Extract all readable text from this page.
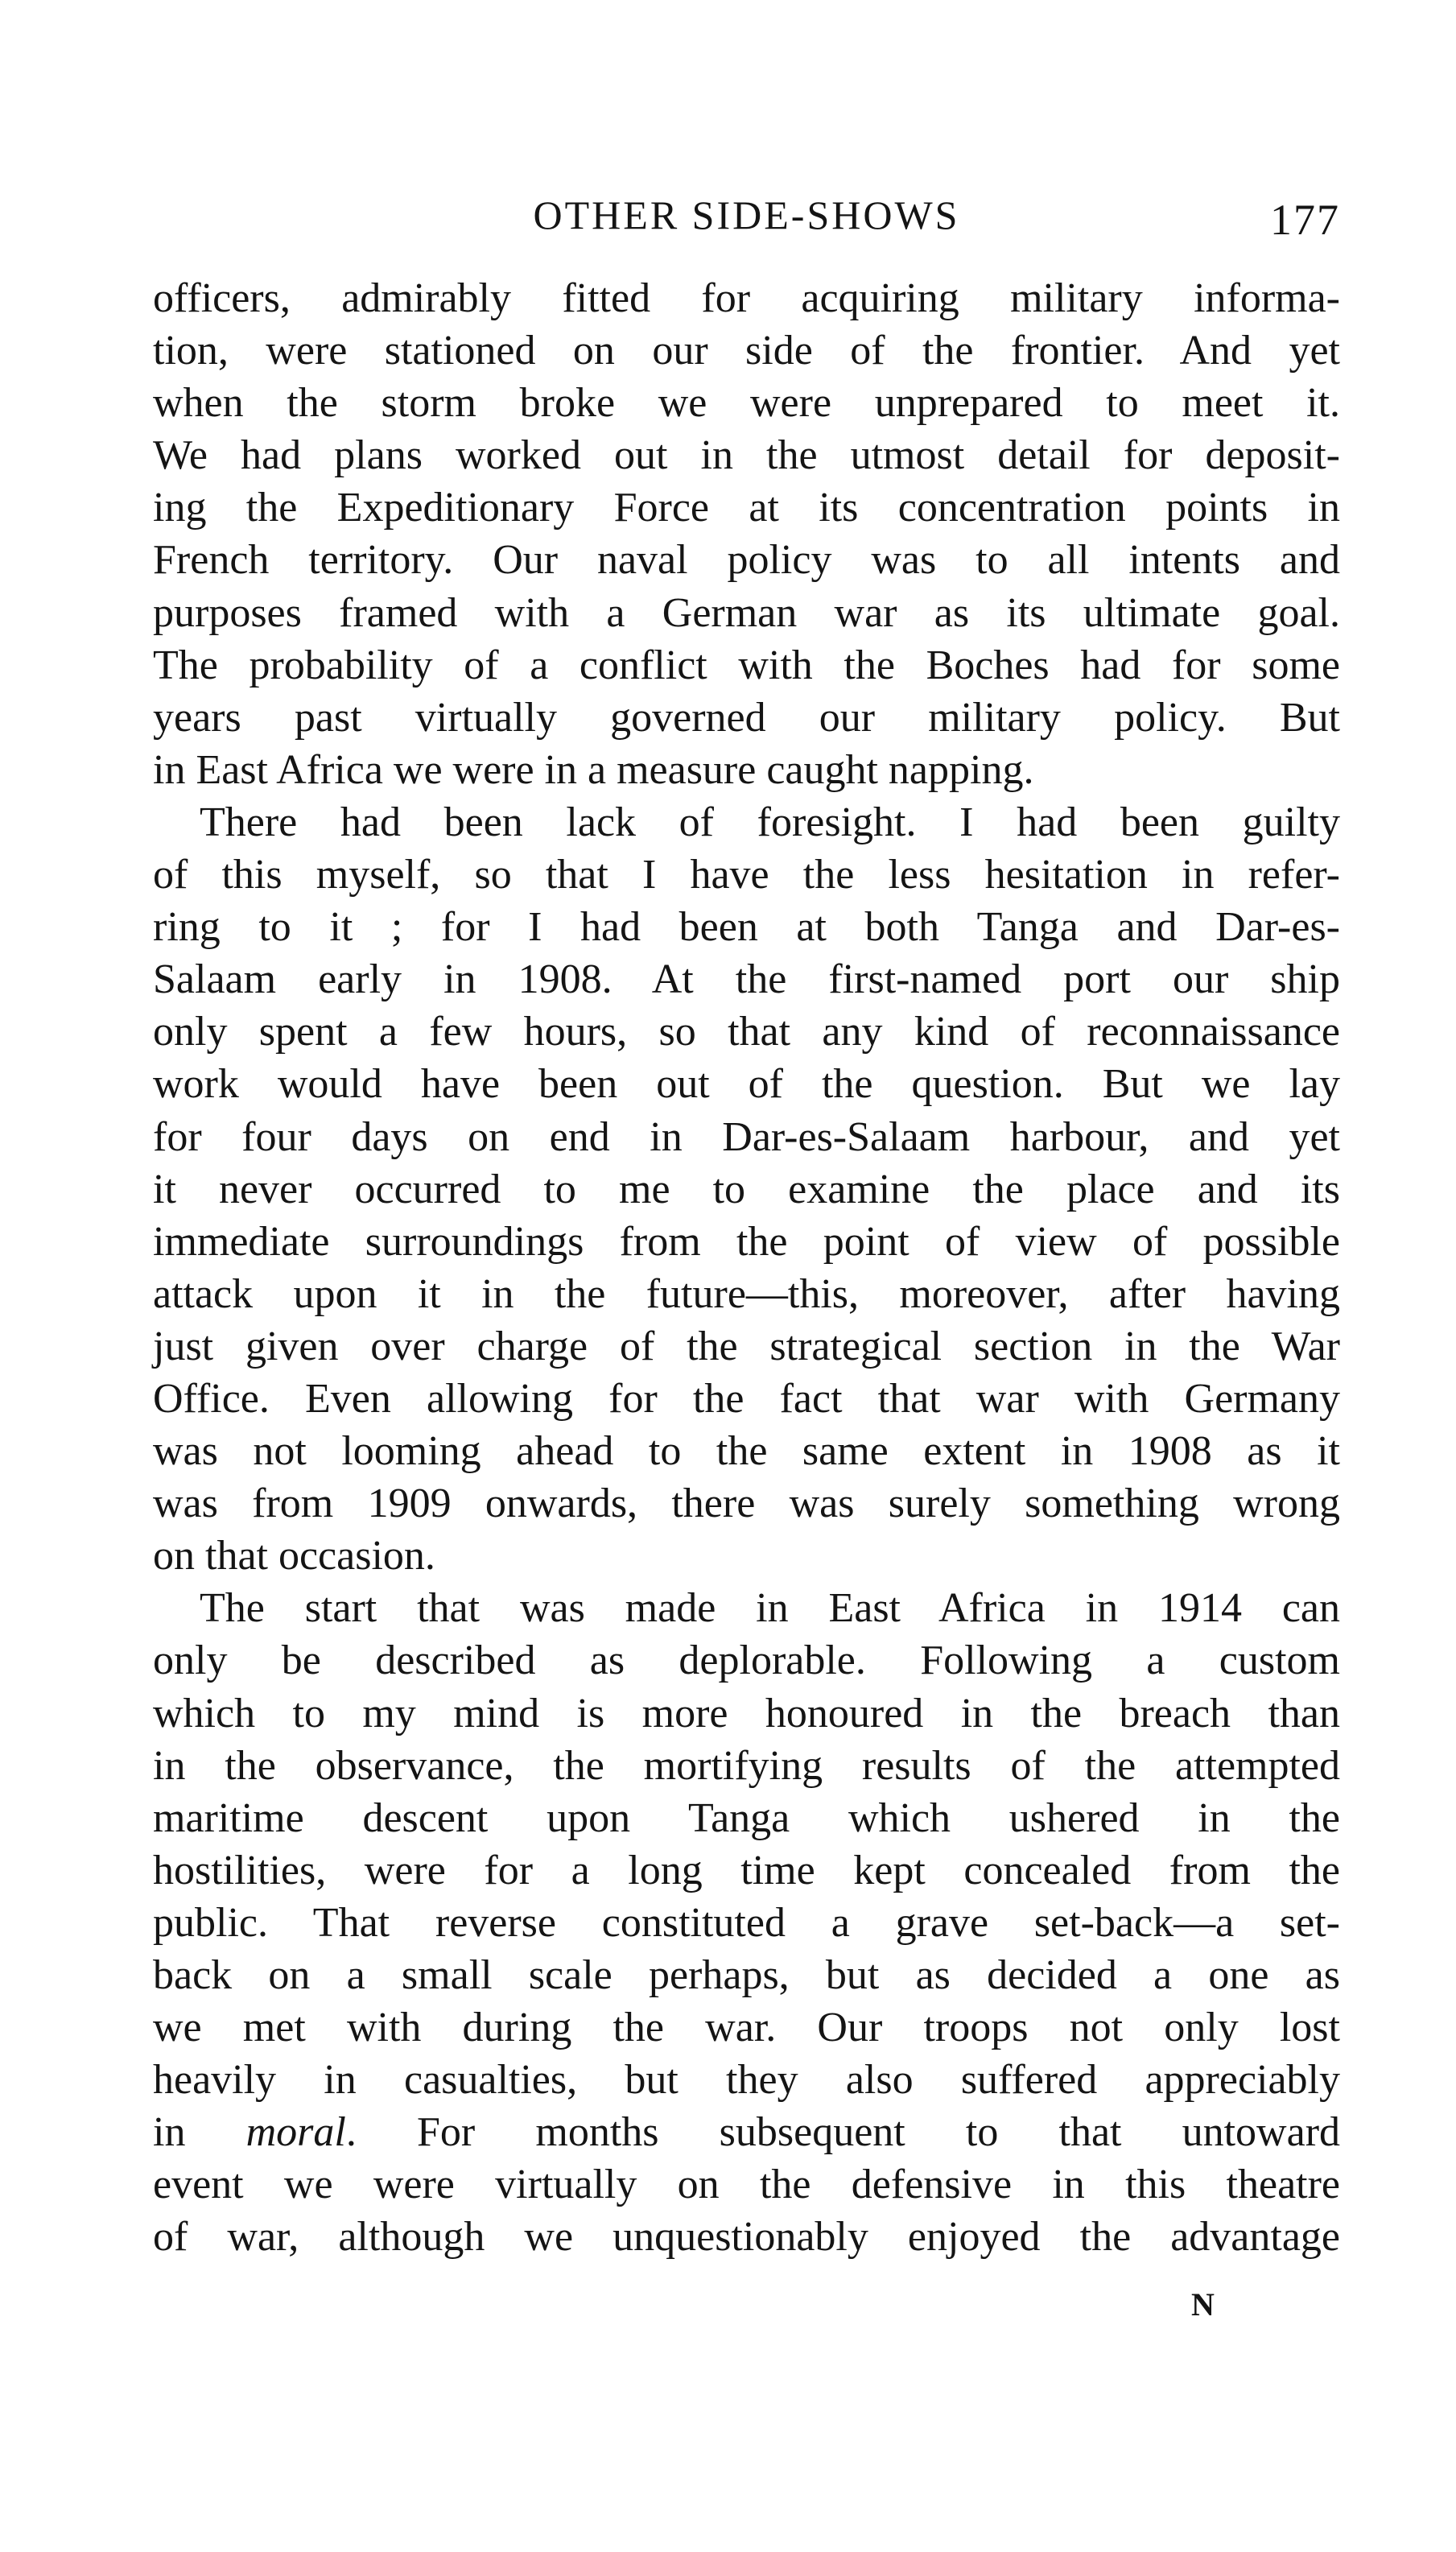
OTHER SIDE-SHOWS	177
officers, admirably fitted for acquiring military informa-
tion, were stationed on our side of the frontier. And yet
when the storm broke we were unprepared to meet it.
We had plans worked out in the utmost detail for deposit-
ing the Expeditionary Force at its concentration points in
French territory. Our naval policy was to all intents and
purposes framed with a German war as its ultimate goal.
The probability of a conflict with the Boches had for some
years past virtually governed our military policy. But
in East Africa we were in a measure caught napping.
There had been lack of foresight. I had been guilty
of this myself, so that I have the less hesitation in refer-
ring to it ; for I had been at both Tanga and Dar-es-
Salaam early in 1908. At the first-named port our ship
only spent a few hours, so that any kind of reconnaissance
work would have been out of the question. But we lay
for four days on end in Dar-es-Salaam harbour, and yet
it never occurred to me to examine the place and its
immediate surroundings from the point of view of possible
attack upon it in the future—this, moreover, after having
just given over charge of the strategical section in the War
Office. Even allowing for the fact that war with Germany
was not looming ahead to the same extent in 1908 as it
was from 1909 onwards, there was surely something wrong
on that occasion.
The start that was made in East Africa in 1914 can
only be described as deplorable. Following a custom
which to my mind is more honoured in the breach than
in the observance, the mortifying results of the attempted
maritime descent upon Tanga which ushered in the
hostilities, were for a long time kept concealed from the
public. That reverse constituted a grave set-back—a set-
back on a small scale perhaps, but as decided a one as
we met with during the war. Our troops not only lost
heavily in casualties, but they also suffered appreciably
in moral. For months subsequent to that untoward
event we were virtually on the defensive in this theatre
of war, although we unquestionably enjoyed the advantage
N
